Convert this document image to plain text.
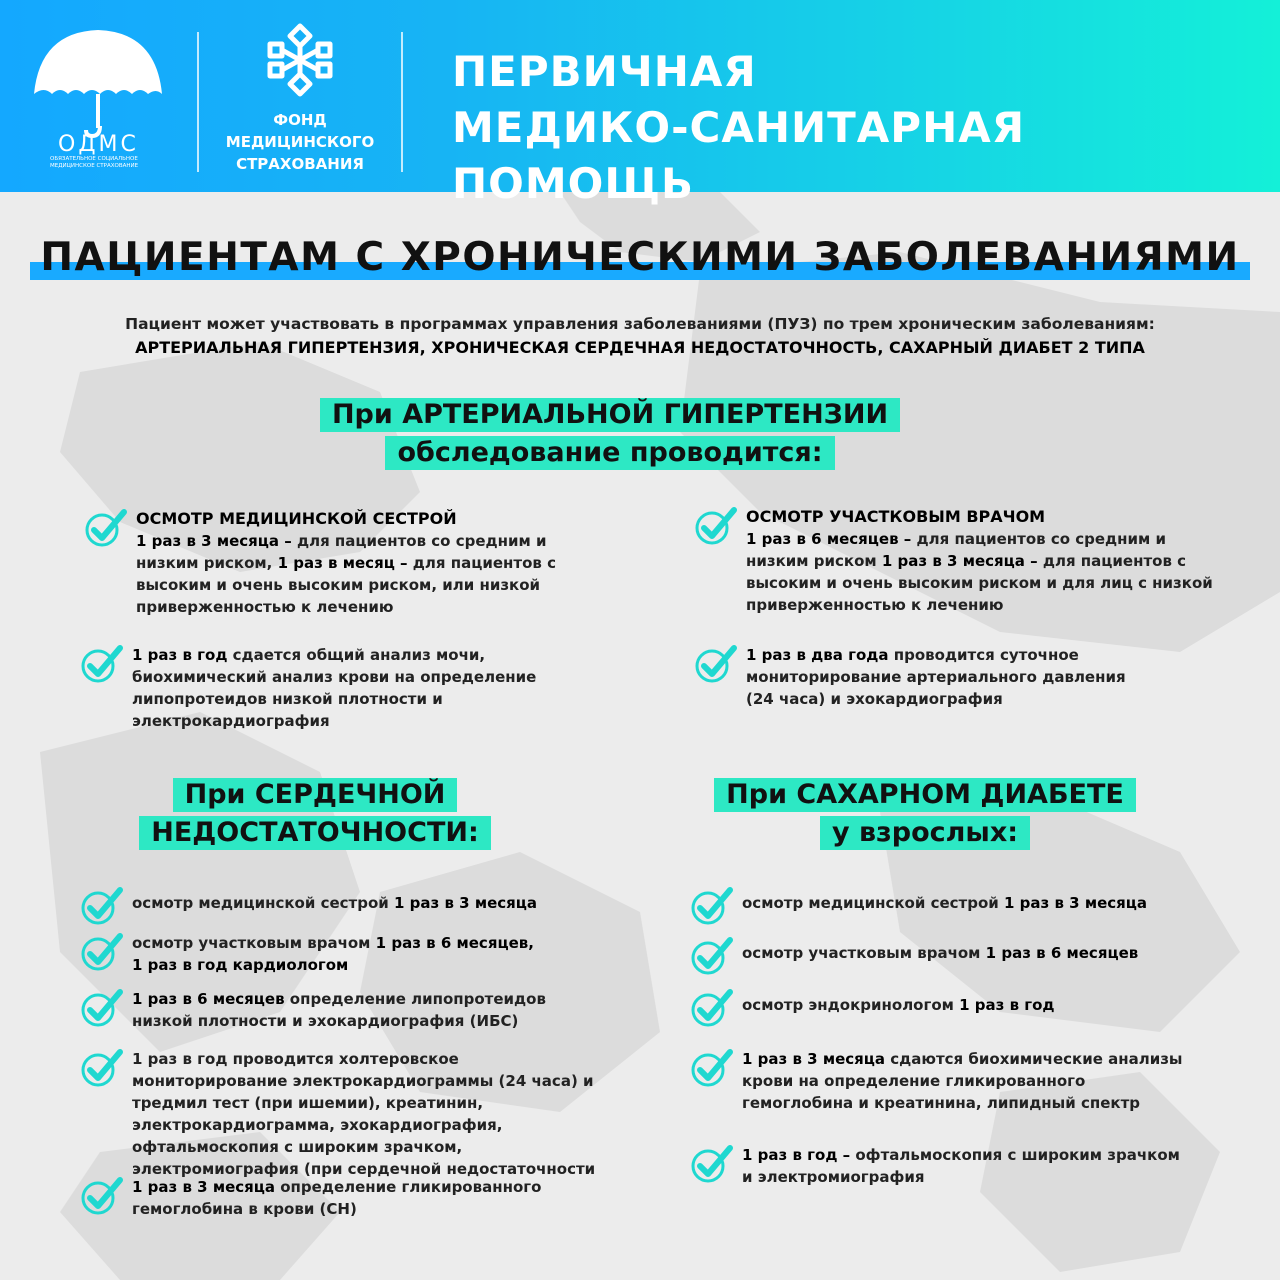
ОДМС
ОБЯЗАТЕЛЬНОЕ СОЦИАЛЬНОЕ МЕДИЦИНСКОЕ СТРАХОВАНИЕ
ФОНД
МЕДИЦИНСКОГО
СТРАХОВАНИЯ
ПЕРВИЧНАЯ
МЕДИКО-САНИТАРНАЯ ПОМОЩЬ
ПАЦИЕНТАМ С ХРОНИЧЕСКИМИ ЗАБОЛЕВАНИЯМИ
Пациент может участвовать в программах управления заболеваниями (ПУЗ) по трем хроническим заболеваниям:
АРТЕРИАЛЬНАЯ ГИПЕРТЕНЗИЯ, ХРОНИЧЕСКАЯ СЕРДЕЧНАЯ НЕДОСТАТОЧНОСТЬ, САХАРНЫЙ ДИАБЕТ 2 ТИПА
При АРТЕРИАЛЬНОЙ ГИПЕРТЕНЗИИ
обследование проводится:
ОСМОТР МЕДИЦИНСКОЙ СЕСТРОЙ
1 раз в 3 месяца – для пациентов со средним и низким риском, 1 раз в месяц – для пациентов с высоким и очень высоким риском, или низкой приверженностью к лечению
ОСМОТР УЧАСТКОВЫМ ВРАЧОМ
1 раз в 6 месяцев – для пациентов со средним и низким риском 1 раз в 3 месяца – для пациентов с высоким и очень высоким риском и для лиц с низкой приверженностью к лечению
1 раз в год сдается общий анализ мочи, биохимический анализ крови на определение липопротеидов низкой плотности и электрокардиография
1 раз в два года проводится суточное мониторирование артериального давления (24 часа) и эхокардиография
При СЕРДЕЧНОЙ
НЕДОСТАТОЧНОСТИ:
При САХАРНОМ ДИАБЕТЕ
у взрослых:
осмотр медицинской сестрой 1 раз в 3 месяца
осмотр участковым врачом 1 раз в 6 месяцев,
1 раз в год кардиологом
1 раз в 6 месяцев определение липопротеидов низкой плотности и эхокардиография (ИБС)
1 раз в год проводится холтеровское мониторирование электрокардиограммы (24 часа) и тредмил тест (при ишемии), креатинин, электрокардиограмма, эхокардиография, офтальмоскопия с широким зрачком, электромиография (при сердечной недостаточности
1 раз в 3 месяца определение гликированного гемоглобина в крови (СН)
осмотр медицинской сестрой 1 раз в 3 месяца
осмотр участковым врачом 1 раз в 6 месяцев
осмотр эндокринологом 1 раз в год
1 раз в 3 месяца сдаются биохимические анализы крови на определение гликированного гемоглобина и креатинина, липидный спектр
1 раз в год – офтальмоскопия с широким зрачком и электромиография
